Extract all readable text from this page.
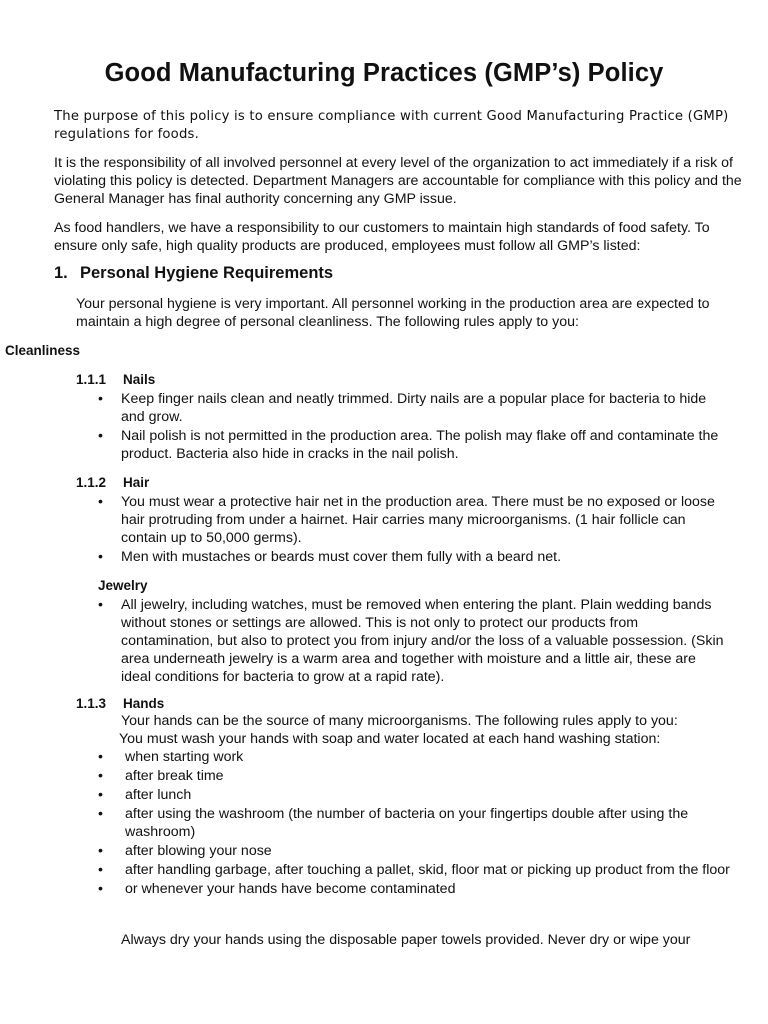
Good Manufacturing Practices (GMP’s) Policy
The purpose of this policy is to ensure compliance with current Good Manufacturing Practice (GMP) regulations for foods.
It is the responsibility of all involved personnel at every level of the organization to act immediately if a risk of violating this policy is detected. Department Managers are accountable for compliance with this policy and the General Manager has final authority concerning any GMP issue.
As food handlers, we have a responsibility to our customers to maintain high standards of food safety. To ensure only safe, high quality products are produced, employees must follow all GMP’s listed:
1. Personal Hygiene Requirements
Your personal hygiene is very important. All personnel working in the production area are expected to maintain a high degree of personal cleanliness. The following rules apply to you:
Cleanliness
1.1.1 Nails
• Keep finger nails clean and neatly trimmed. Dirty nails are a popular place for bacteria to hide and grow.
• Nail polish is not permitted in the production area. The polish may flake off and contaminate the product. Bacteria also hide in cracks in the nail polish.
1.1.2 Hair
• You must wear a protective hair net in the production area. There must be no exposed or loose hair protruding from under a hairnet. Hair carries many microorganisms. (1 hair follicle can contain up to 50,000 germs).
• Men with mustaches or beards must cover them fully with a beard net.
Jewelry
• All jewelry, including watches, must be removed when entering the plant. Plain wedding bands without stones or settings are allowed. This is not only to protect our products from contamination, but also to protect you from injury and/or the loss of a valuable possession. (Skin area underneath jewelry is a warm area and together with moisture and a little air, these are ideal conditions for bacteria to grow at a rapid rate).
1.1.3 Hands
Your hands can be the source of many microorganisms. The following rules apply to you:
You must wash your hands with soap and water located at each hand washing station:
• when starting work
• after break time
• after lunch
• after using the washroom (the number of bacteria on your fingertips double after using the washroom)
• after blowing your nose
• after handling garbage, after touching a pallet, skid, floor mat or picking up product from the floor
• or whenever your hands have become contaminated
Always dry your hands using the disposable paper towels provided. Never dry or wipe your
